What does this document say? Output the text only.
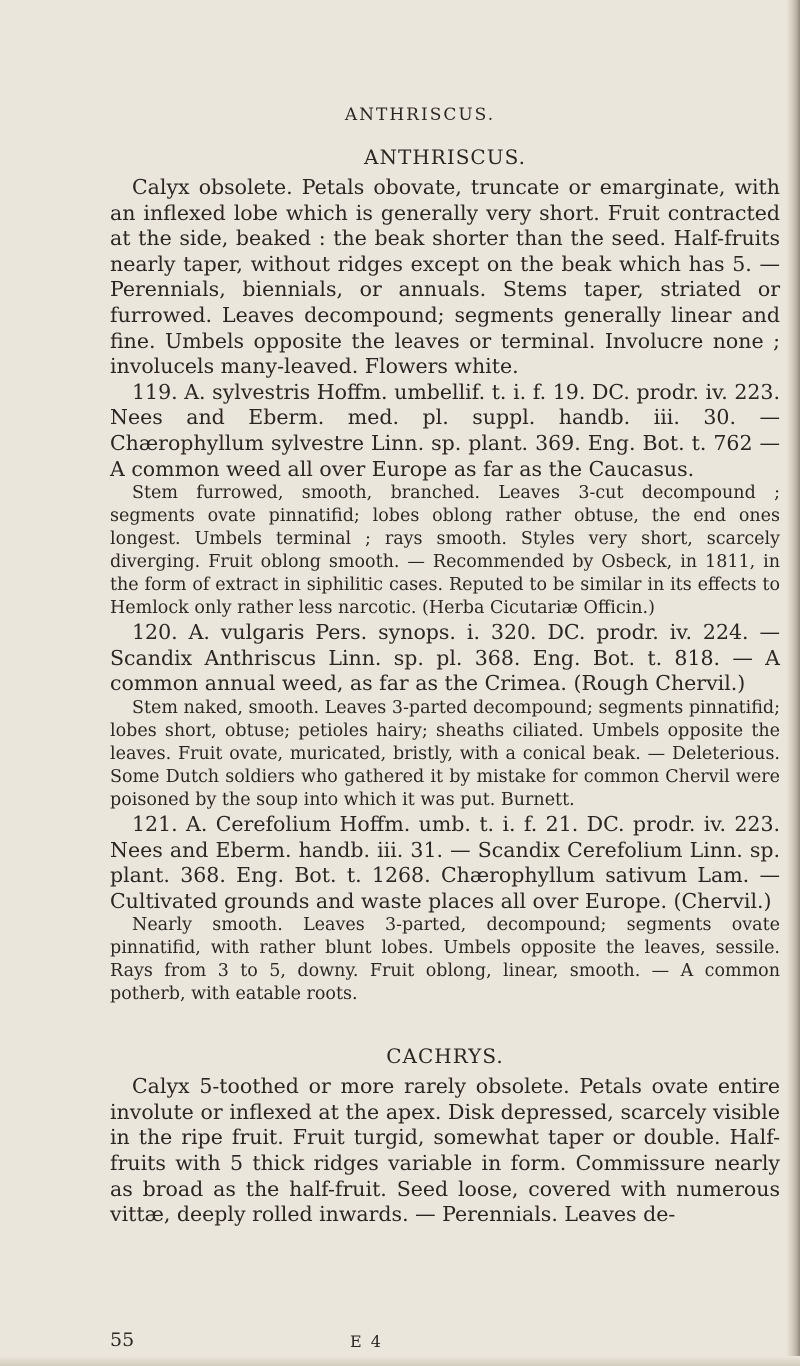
ANTHRISCUS.
ANTHRISCUS.

Calyx obsolete. Petals obovate, truncate or emarginate, with an inflexed lobe which is generally very short. Fruit contracted at the side, beaked : the beak shorter than the seed. Half-fruits nearly taper, without ridges except on the beak which has 5. — Perennials, biennials, or annuals. Stems taper, striated or furrowed. Leaves decompound; segments generally linear and fine. Umbels opposite the leaves or terminal. Involucre none ; involucels many-leaved. Flowers white.

119. A. sylvestris Hoffm. umbellif. t. i. f. 19. DC. prodr. iv. 223. Nees and Eberm. med. pl. suppl. handb. iii. 30. — Chærophyllum sylvestre Linn. sp. plant. 369. Eng. Bot. t. 762 — A common weed all over Europe as far as the Caucasus.

Stem furrowed, smooth, branched. Leaves 3-cut decompound ; segments ovate pinnatifid; lobes oblong rather obtuse, the end ones longest. Umbels terminal ; rays smooth. Styles very short, scarcely diverging. Fruit oblong smooth. — Recommended by Osbeck, in 1811, in the form of extract in siphilitic cases. Reputed to be similar in its effects to Hemlock only rather less narcotic. (Herba Cicutariæ Officin.)

120. A. vulgaris Pers. synops. i. 320. DC. prodr. iv. 224. — Scandix Anthriscus Linn. sp. pl. 368. Eng. Bot. t. 818. — A common annual weed, as far as the Crimea. (Rough Chervil.)

Stem naked, smooth. Leaves 3-parted decompound; segments pinnatifid; lobes short, obtuse; petioles hairy; sheaths ciliated. Umbels opposite the leaves. Fruit ovate, muricated, bristly, with a conical beak. — Deleterious. Some Dutch soldiers who gathered it by mistake for common Chervil were poisoned by the soup into which it was put. Burnett.

121. A. Cerefolium Hoffm. umb. t. i. f. 21. DC. prodr. iv. 223. Nees and Eberm. handb. iii. 31. — Scandix Cerefolium Linn. sp. plant. 368. Eng. Bot. t. 1268. Chærophyllum sativum Lam. — Cultivated grounds and waste places all over Europe. (Chervil.)

Nearly smooth. Leaves 3-parted, decompound; segments ovate pinnatifid, with rather blunt lobes. Umbels opposite the leaves, sessile. Rays from 3 to 5, downy. Fruit oblong, linear, smooth. — A common potherb, with eatable roots.

CACHRYS.

Calyx 5-toothed or more rarely obsolete. Petals ovate entire involute or inflexed at the apex. Disk depressed, scarcely visible in the ripe fruit. Fruit turgid, somewhat taper or double. Half-fruits with 5 thick ridges variable in form. Commissure nearly as broad as the half-fruit. Seed loose, covered with numerous vittæ, deeply rolled inwards. — Perennials. Leaves de-

55	E 4
